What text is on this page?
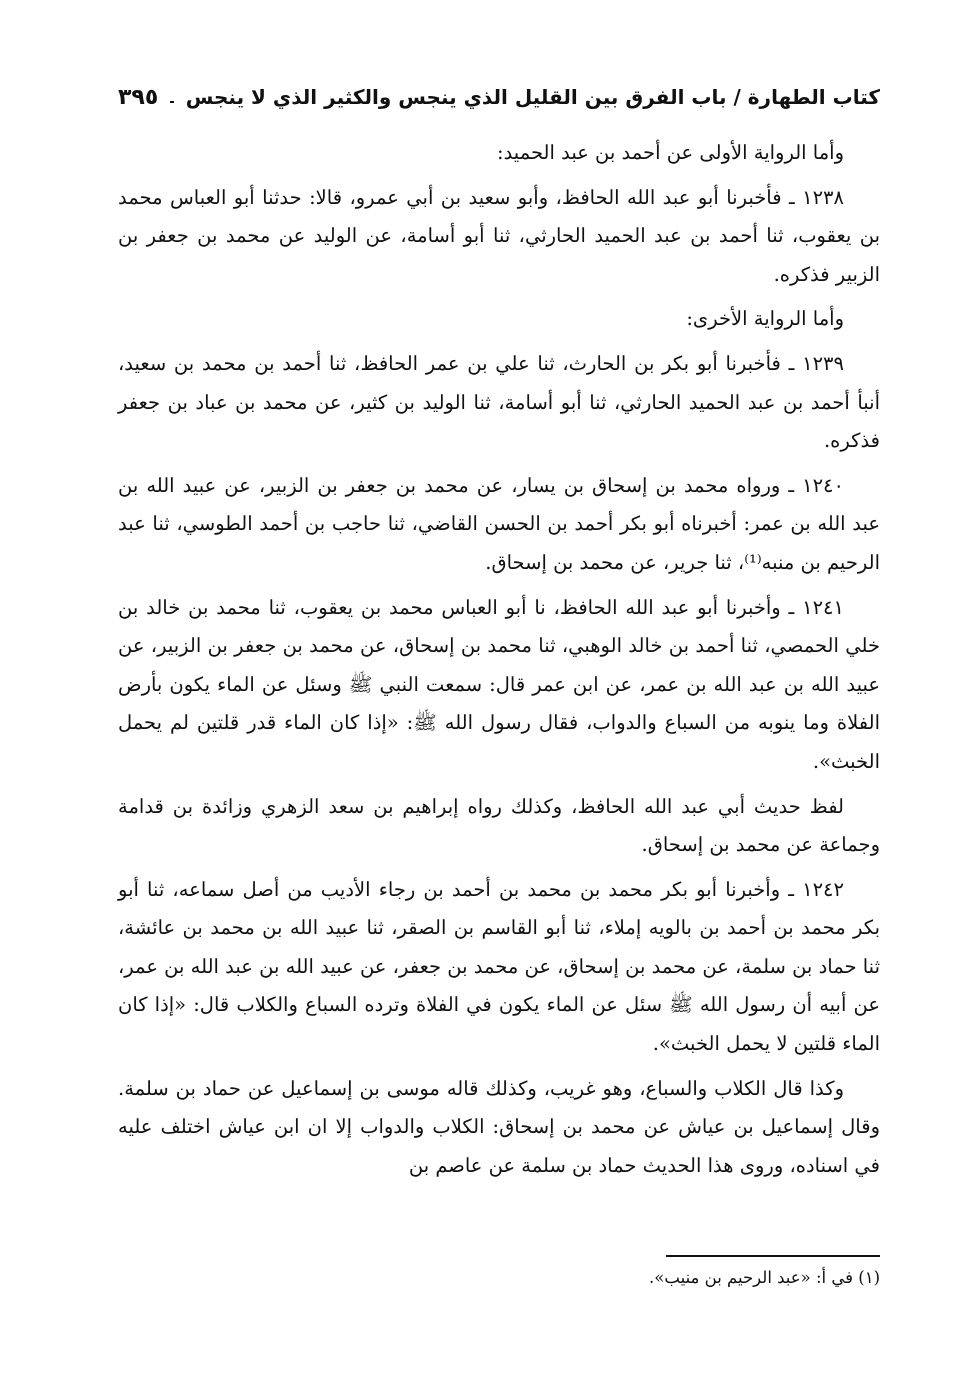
كتاب الطهارة / باب الفرق بين القليل الذي ينجس والكثير الذي لا ينجس
٣٩٥

وأما الرواية الأولى عن أحمد بن عبد الحميد:

١٢٣٨ ـ فأخبرنا أبو عبد الله الحافظ، وأبو سعيد بن أبي عمرو، قالا: حدثنا أبو العباس محمد بن يعقوب، ثنا أحمد بن عبد الحميد الحارثي، ثنا أبو أسامة، عن الوليد عن محمد بن جعفر بن الزبير فذكره.

وأما الرواية الأخرى:

١٢٣٩ ـ فأخبرنا أبو بكر بن الحارث، ثنا علي بن عمر الحافظ، ثنا أحمد بن محمد بن سعيد، أنبأ أحمد بن عبد الحميد الحارثي، ثنا أبو أسامة، ثنا الوليد بن كثير، عن محمد بن عباد بن جعفر فذكره.

١٢٤٠ ـ ورواه محمد بن إسحاق بن يسار، عن محمد بن جعفر بن الزبير، عن عبيد الله بن عبد الله بن عمر: أخبرناه أبو بكر أحمد بن الحسن القاضي، ثنا حاجب بن أحمد الطوسي، ثنا عبد الرحيم بن منبه⁽¹⁾، ثنا جرير، عن محمد بن إسحاق.

١٢٤١ ـ وأخبرنا أبو عبد الله الحافظ، نا أبو العباس محمد بن يعقوب، ثنا محمد بن خالد بن خلي الحمصي، ثنا أحمد بن خالد الوهبي، ثنا محمد بن إسحاق، عن محمد بن جعفر بن الزبير، عن عبيد الله بن عبد الله بن عمر، عن ابن عمر قال: سمعت النبي ﷺ وسئل عن الماء يكون بأرض الفلاة وما ينوبه من السباع والدواب، فقال رسول الله ﷺ: «إذا كان الماء قدر قلتين لم يحمل الخبث».

لفظ حديث أبي عبد الله الحافظ، وكذلك رواه إبراهيم بن سعد الزهري وزائدة بن قدامة وجماعة عن محمد بن إسحاق.

١٢٤٢ ـ وأخبرنا أبو بكر محمد بن محمد بن أحمد بن رجاء الأديب من أصل سماعه، ثنا أبو بكر محمد بن أحمد بن بالويه إملاء، ثنا أبو القاسم بن الصقر، ثنا عبيد الله بن محمد بن عائشة، ثنا حماد بن سلمة، عن محمد بن إسحاق، عن محمد بن جعفر، عن عبيد الله بن عبد الله بن عمر، عن أبيه أن رسول الله ﷺ سئل عن الماء يكون في الفلاة وترده السباع والكلاب قال: «إذا كان الماء قلتين لا يحمل الخبث».

وكذا قال الكلاب والسباع، وهو غريب، وكذلك قاله موسى بن إسماعيل عن حماد بن سلمة. وقال إسماعيل بن عياش عن محمد بن إسحاق: الكلاب والدواب إلا ان ابن عياش اختلف عليه في اسناده، وروى هذا الحديث حماد بن سلمة عن عاصم بن

(١) في أ: «عبد الرحيم بن منيب».
